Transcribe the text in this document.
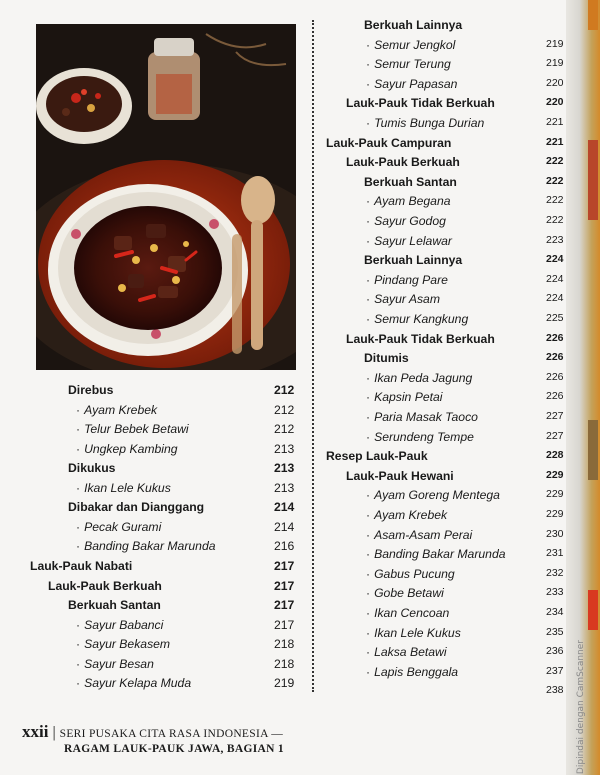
Direbus	212
· Ayam Krebek	212
· Telur Bebek Betawi	212
· Ungkep Kambing	213
Dikukus	213
· Ikan Lele Kukus	213
Dibakar dan Dianggang	214
· Pecak Gurami	214
· Banding Bakar Marunda	216
Lauk-Pauk Nabati	217
Lauk-Pauk Berkuah	217
Berkuah Santan	217
· Sayur Babanci	217
· Sayur Bekasem	218
· Sayur Besan	218
· Sayur Kelapa Muda	219
Berkuah Lainnya
· Semur Jengkol	219
· Semur Terung	219
· Sayur Papasan	220
Lauk-Pauk Tidak Berkuah	220
· Tumis Bunga Durian	221
Lauk-Pauk Campuran	221
Lauk-Pauk Berkuah	222
Berkuah Santan	222
· Ayam Begana	222
· Sayur Godog	222
· Sayur Lelawar	223
Berkuah Lainnya	224
· Pindang Pare	224
· Sayur Asam	224
· Semur Kangkung	225
Lauk-Pauk Tidak Berkuah	226
Ditumis	226
· Ikan Peda Jagung	226
· Kapsin Petai	226
· Paria Masak Taoco	227
· Serundeng Tempe	227
Resep Lauk-Pauk	228
Lauk-Pauk Hewani	229
· Ayam Goreng Mentega	229
· Ayam Krebek	229
· Asam-Asam Perai	230
· Banding Bakar Marunda	231
· Gabus Pucung	232
· Gobe Betawi	233
· Ikan Cencoan	234
· Ikan Lele Kukus	235
· Laksa Betawi	236
· Lapis Benggala	237
238
xxii | SERI PUSAKA CITA RASA INDONESIA —
RAGAM LAUK-PAUK JAWA, BAGIAN 1	Dipindai dengan CamScanner
